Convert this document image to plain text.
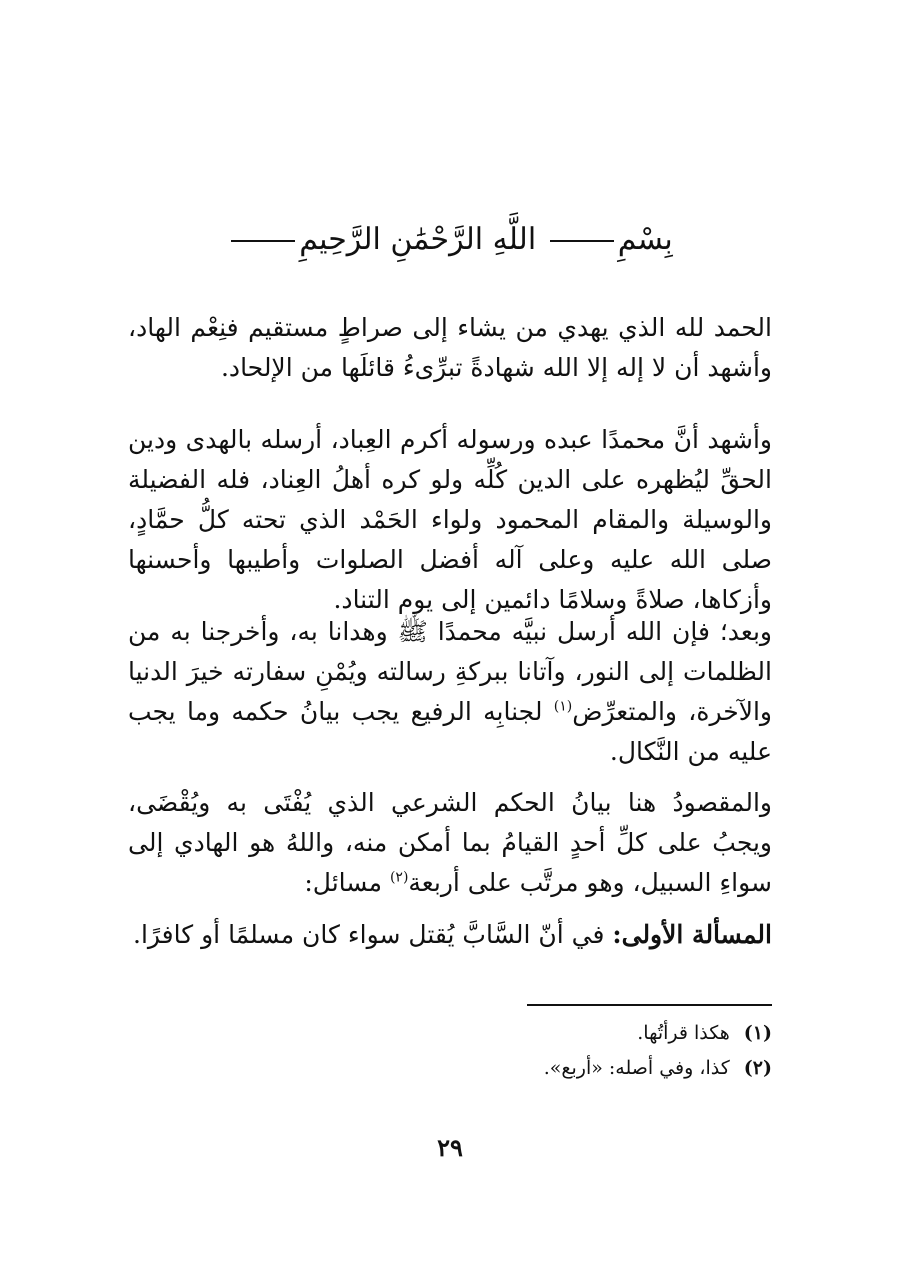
بِسْمِ اللَّهِ الرَّحْمَٰنِ الرَّحِيمِ
الحمد لله الذي يهدي من يشاء إلى صراطٍ مستقيم فنِعْم الهاد، وأشهد أن لا إله إلا الله شهادةً تبرِّىءُ قائلَها من الإلحاد.
وأشهد أنَّ محمدًا عبده ورسوله أكرم العِباد، أرسله بالهدى ودين الحقِّ ليُظهره على الدين كُلِّه ولو كره أهلُ العِناد، فله الفضيلة والوسيلة والمقام المحمود ولواء الحَمْد الذي تحته كلُّ حمَّادٍ، صلى الله عليه وعلى آله أفضل الصلوات وأطيبها وأحسنها وأزكاها، صلاةً وسلامًا دائمين إلى يوم التناد.
وبعد؛ فإن الله أرسل نبيَّه محمدًا ﷺ وهدانا به، وأخرجنا به من الظلمات إلى النور، وآتانا ببركةِ رسالته ويُمْنِ سفارته خيرَ الدنيا والآخرة، والمتعرِّض$^{(١)}$ لجنابِه الرفيع يجب بيانُ حكمه وما يجب عليه من النَّكال.
والمقصودُ هنا بيانُ الحكم الشرعي الذي يُفْتَى به ويُقْضَى، ويجبُ على كلِّ أحدٍ القيامُ بما أمكن منه، واللهُ هو الهادي إلى سواءِ السبيل، وهو مرتَّب على أربعة$^{(٢)}$ مسائل:
المسألة الأولى: في أنّ السَّابَّ يُقتل سواء كان مسلمًا أو كافرًا.
(١)هكذا قرأتُها.
(٢)كذا، وفي أصله: «أربع».
٢٩
